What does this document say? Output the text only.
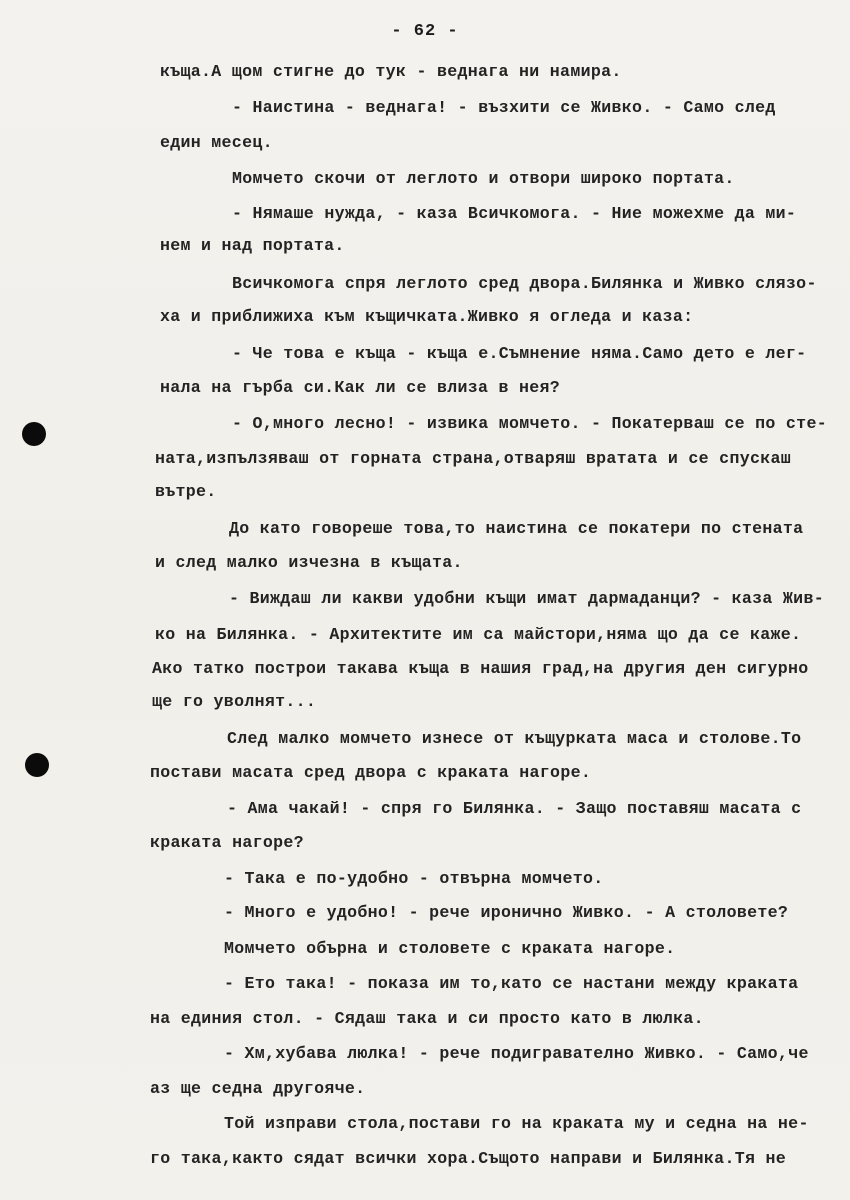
- 62 -
къща.А щом стигне до тук - веднага ни намира.
- Наистина - веднага! - възхити се Живко. - Само след
един месец.
Момчето скочи от леглото и отвори широко портата.
- Нямаше нужда, - каза Всичкомога. - Ние можехме да ми-
нем и над портата.
Всичкомога спря леглото сред двора.Билянка и Живко слязо-
ха и приближиха към къщичката.Живко я огледа и каза:
- Че това е къща - къща е.Съмнение няма.Само дето е лег-
нала на гърба си.Как ли се влиза в нея?
- О,много лесно! - извика момчето. - Покатерваш се по сте-
ната,изпълзяваш от горната страна,отваряш вратата и се спускаш
вътре.
До като говореше това,то наистина се покатери по стената
и след малко изчезна в къщата.
- Виждаш ли какви удобни къщи имат дармаданци? - каза Жив-
ко на Билянка. - Архитектите им са майстори,няма що да се каже.
Ако татко построи такава къща в нашия град,на другия ден сигурно
ще го уволнят...
След малко момчето изнесе от къщурката маса и столове.То
постави масата сред двора с краката нагоре.
- Ама чакай! - спря го Билянка. - Защо поставяш масата с
краката нагоре?
- Така е по-удобно - отвърна момчето.
- Много е удобно! - рече иронично Живко. - А столовете?
Момчето обърна и столовете с краката нагоре.
- Ето така! - показа им то,като се настани между краката
на единия стол. - Сядаш така и си просто като в люлка.
- Хм,хубава люлка! - рече подигравателно Живко. - Само,че
аз ще седна другояче.
Той изправи стола,постави го на краката му и седна на не-
го така,както сядат всички хора.Същото направи и Билянка.Тя не
